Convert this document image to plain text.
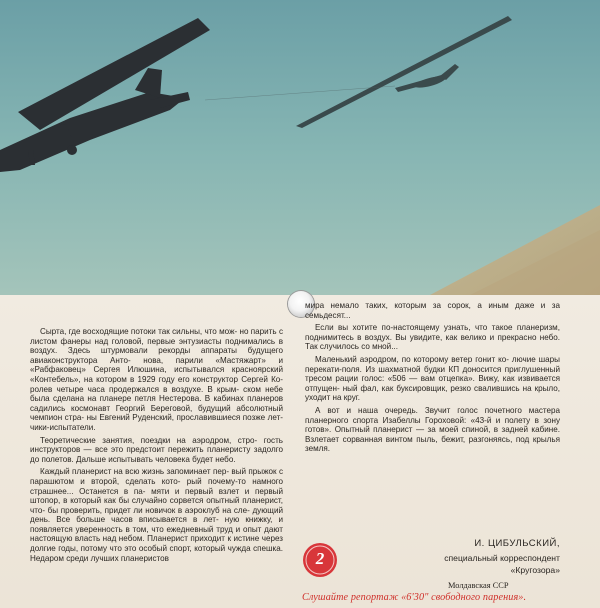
Сырта, где восходящие потоки так сильны, что мож- но парить с листом фанеры над головой, первые энтузиасты поднимались в воздух. Здесь штурмовали рекорды аппараты будущего авиаконструктора Анто- нова, парили «Мастяжарт» и «Рабфаковец» Сергея Илюшина, испытывался красноярский «Контебель», на котором в 1929 году его конструктор Сергей Ко- ролев четыре часа продержался в воздухе. В крым- ском небе была сделана на планере петля Нестерова. В кабинах планеров садились космонавт Георгий Береговой, будущий абсолютный чемпион стра- ны Евгений Руденский, прославившиеся позже лет- чики-испытатели.

Теоретические занятия, поездки на аэродром, стро- гость инструкторов — все это предстоит пережить планеристу задолго до полетов. Дальше испытывать человека будет небо.

Каждый планерист на всю жизнь запоминает пер- вый прыжок с парашютом и второй, сделать кото- рый почему-то намного страшнее... Останется в па- мяти и первый взлет и первый штопор, в который как бы случайно сорвется опытный планерист, что- бы проверить, придет ли новичок в аэроклуб на сле- дующий день. Все больше часов вписывается в лет- ную книжку, и появляется уверенность в том, что ежедневный труд и опыт дают настоящую власть над небом. Планерист приходит к истине через долгие годы, потому что это особый спорт, который чужда спешка. Недаром среди лучших планеристов

мира немало таких, которым за сорок, а иным даже и за семьдесят...

Если вы хотите по-настоящему узнать, что такое планеризм, поднимитесь в воздух. Вы увидите, как велико и прекрасно небо. Так случилось со мной...

Маленький аэродром, по которому ветер гонит ко- лючие шары перекати-поля. Из шахматной будки КП доносится приглушенный тресом рации голос: «506 — вам отцепка». Вижу, как извивается отпущен- ный фал, как буксировщик, резко свалившись на крыло, уходит на круг.

А вот и наша очередь. Звучит голос почетного мастера планерного спорта Изабеллы Гороховой: «43-й и полету в зону готов». Опытный планерист — за моей спиной, в задней кабине. Взлетает сорванная винтом пыль, бежит, разгоняясь, под крылья земля.

2
И. ЦИБУЛЬСКИЙ,
специальный корреспондент
«Кругозора»
Молдавская ССР
Слушайте репортаж «6'30" свободного парения».
